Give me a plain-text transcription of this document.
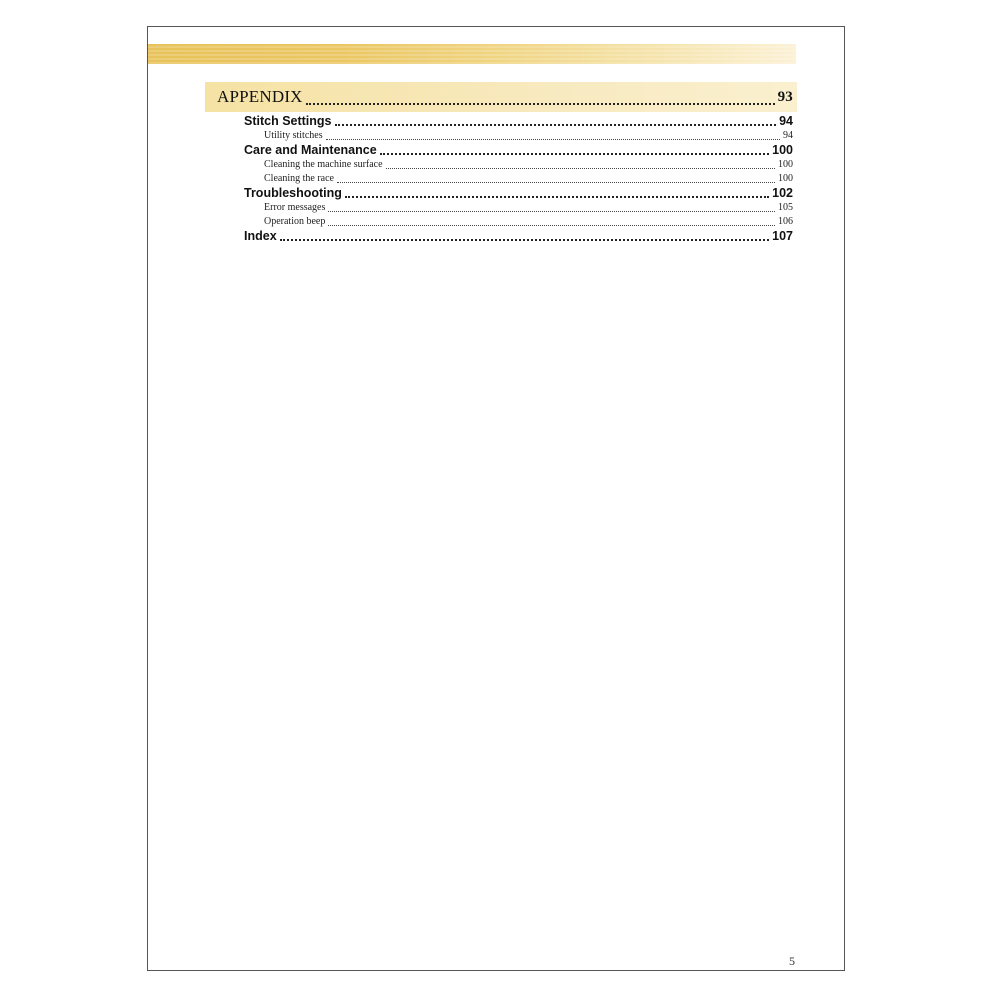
APPENDIX	93
Stitch Settings	94
Utility stitches	94
Care and Maintenance	100
Cleaning the machine surface	100
Cleaning the race	100
Troubleshooting	102
Error messages	105
Operation beep	106
Index	107
5
